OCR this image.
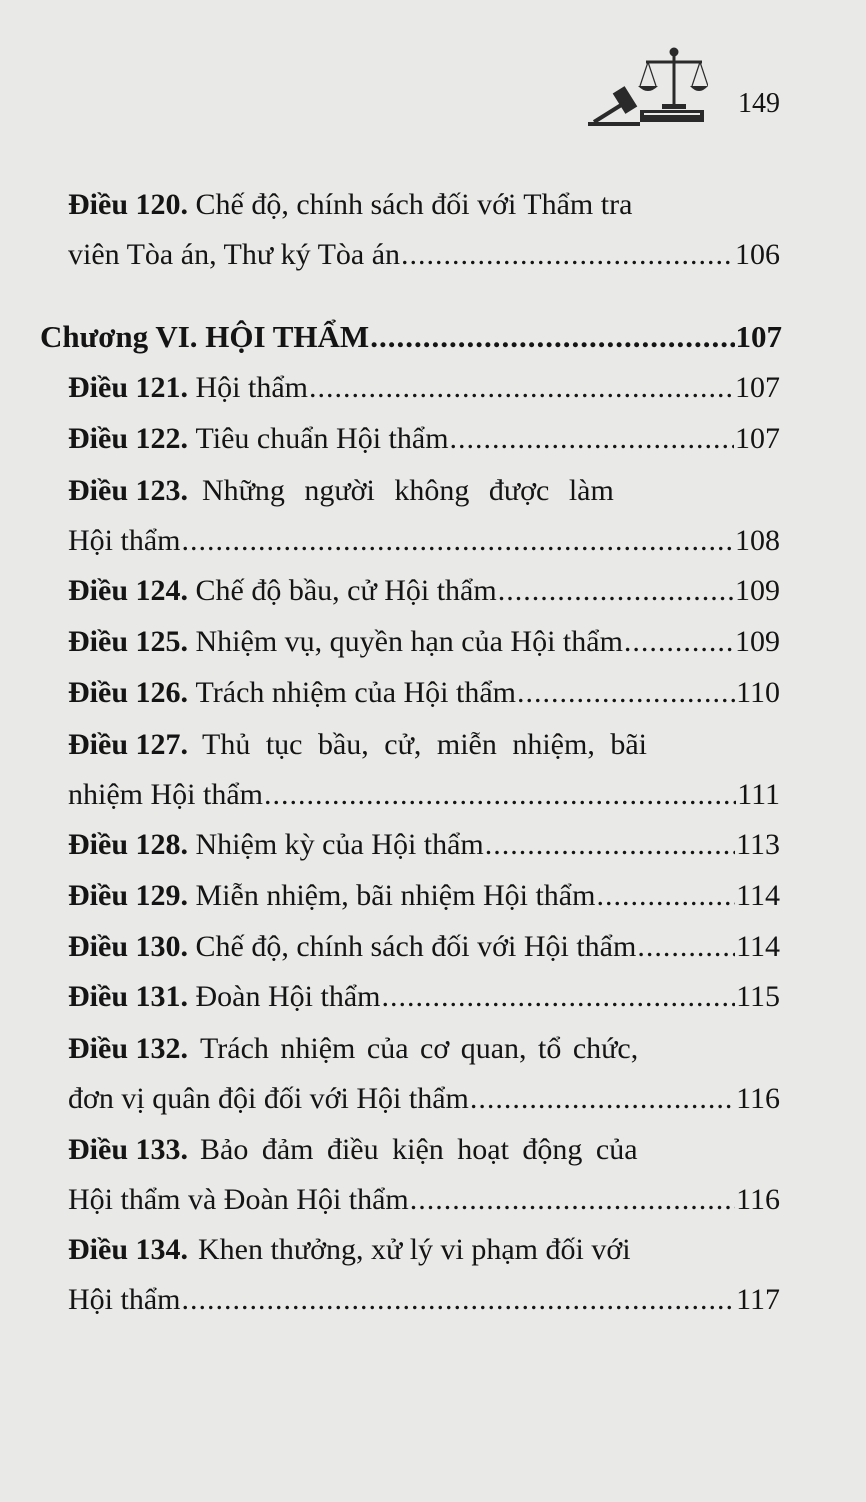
149
Điều 120. Chế độ, chính sách đối với Thẩm tra
viên Tòa án, Thư ký Tòa án .....	106
Chương VI. HỘI THẨM .....	107
Điều 121.
Hội thẩm .....	107
Điều 122.
Tiêu chuẩn Hội thẩm .....	107
Điều 123. Những người không được làm
Hội thẩm .....	108
Điều 124.
Chế độ bầu, cử Hội thẩm .....	109
Điều 125.
Nhiệm vụ, quyền hạn của Hội thẩm .....	109
Điều 126.
Trách nhiệm của Hội thẩm .....	110
Điều 127. Thủ tục bầu, cử, miễn nhiệm, bãi
nhiệm Hội thẩm .....	111
Điều 128.
Nhiệm kỳ của Hội thẩm .....	113
Điều 129.
Miễn nhiệm, bãi nhiệm Hội thẩm .....	114
Điều 130.
Chế độ, chính sách đối với Hội thẩm .....	114
Điều 131.
Đoàn Hội thẩm .....	115
Điều 132. Trách nhiệm của cơ quan, tổ chức,
đơn vị quân đội đối với Hội thẩm .....	116
Điều 133. Bảo đảm điều kiện hoạt động của
Hội thẩm và Đoàn Hội thẩm .....	116
Điều 134. Khen thưởng, xử lý vi phạm đối với
Hội thẩm .....	117
